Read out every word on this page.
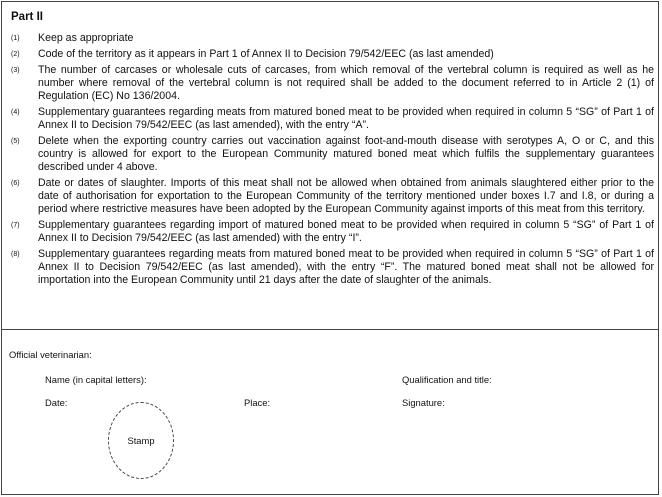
Part II
(1)	Keep as appropriate
(2)	Code of the territory as it appears in Part 1 of Annex II to Decision 79/542/EEC (as last amended)
(3)	The number of carcases or wholesale cuts of carcases, from which removal of the vertebral column is required as well as he number where removal of the vertebral column is not required shall be added to the document referred to in Article 2 (1) of Regulation (EC) No 136/2004.
(4)	Supplementary guarantees regarding meats from matured boned meat to be provided when required in column 5 “SG” of Part 1 of Annex II to Decision 79/542/EEC (as last amended), with the entry “A”.
(5)	Delete when the exporting country carries out vaccination against foot-and-mouth disease with serotypes A, O or C, and this country is allowed for export to the European Community matured boned meat which fulfils the supplementary guarantees described under 4 above.
(6)	Date or dates of slaughter. Imports of this meat shall not be allowed when obtained from animals slaughtered either prior to the date of authorisation for exportation to the European Community of the territory mentioned under boxes I.7 and I.8, or during a period where restrictive measures have been adopted by the European Community against imports of this meat from this territory.
(7)	Supplementary guarantees regarding import of matured boned meat to be provided when required in column 5 “SG” of Part 1 of Annex II to Decision 79/542/EEC (as last amended) with the entry “I”.
(8)	Supplementary guarantees regarding meats from matured boned meat to be provided when required in column 5 “SG” of Part 1 of Annex II to Decision 79/542/EEC (as last amended), with the entry “F”. The matured boned meat shall not be allowed for importation into the European Community until 21 days after the date of slaughter of the animals.
Official veterinarian:
Name (in capital letters):	Qualification and title:
Date:	Place:	Signature:
Stamp
